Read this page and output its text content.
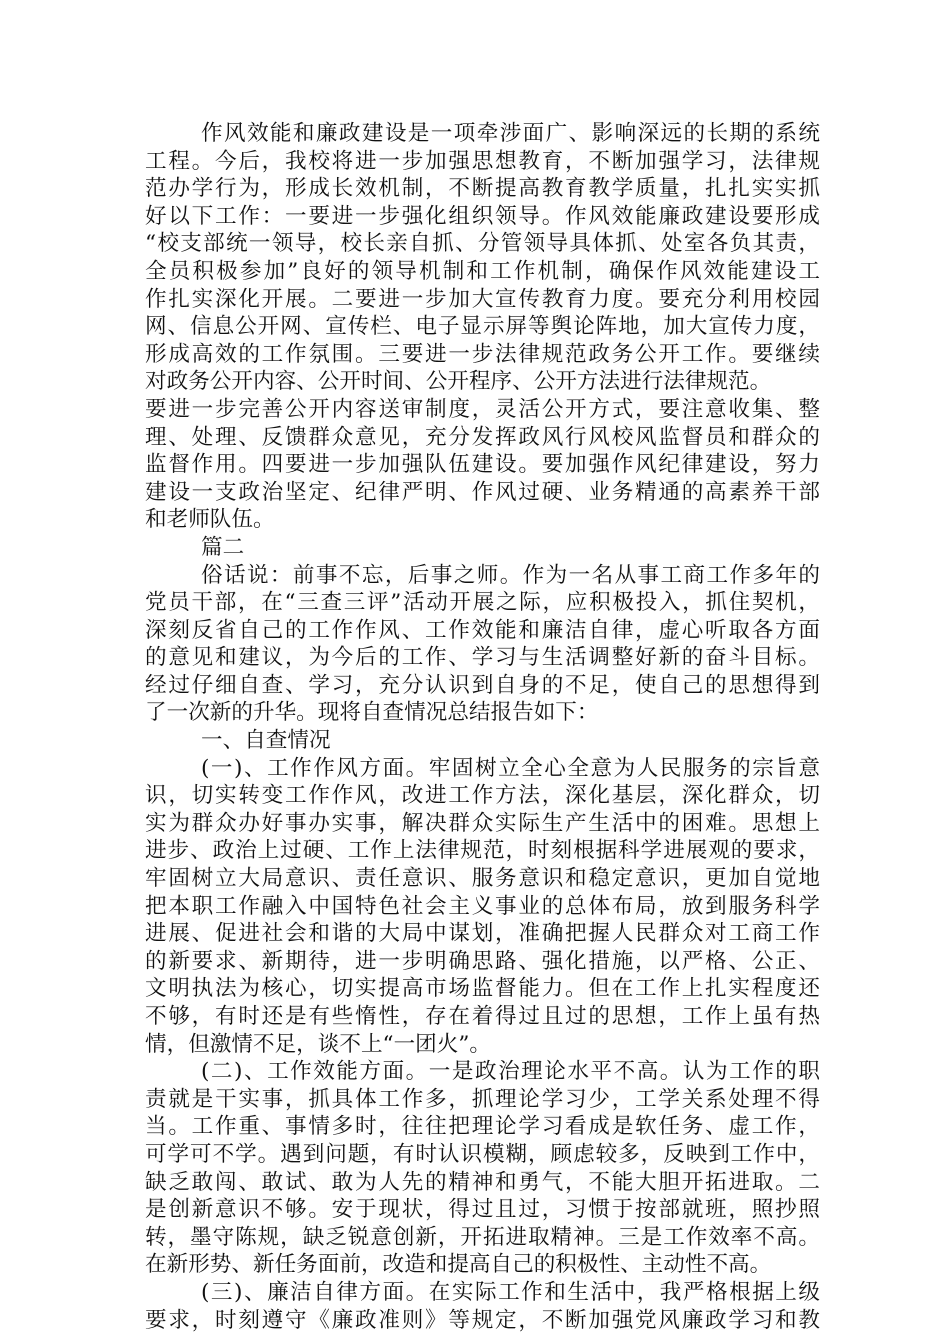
作风效能和廉政建设是一项牵涉面广、影响深远的长期的系统
工程。今后，我校将进一步加强思想教育，不断加强学习，法律规
范办学行为，形成长效机制，不断提高教育教学质量，扎扎实实抓
好以下工作：一要进一步强化组织领导。作风效能廉政建设要形成
“校支部统一领导，校长亲自抓、分管领导具体抓、处室各负其责，
全员积极参加”良好的领导机制和工作机制，确保作风效能建设工
作扎实深化开展。二要进一步加大宣传教育力度。要充分利用校园
网、信息公开网、宣传栏、电子显示屏等舆论阵地，加大宣传力度，
形成高效的工作氛围。三要进一步法律规范政务公开工作。要继续
对政务公开内容、公开时间、公开程序、公开方法进行法律规范。
要进一步完善公开内容送审制度，灵活公开方式，要注意收集、整
理、处理、反馈群众意见，充分发挥政风行风校风监督员和群众的
监督作用。四要进一步加强队伍建设。要加强作风纪律建设，努力
建设一支政治坚定、纪律严明、作风过硬、业务精通的高素养干部
和老师队伍。
篇二
俗话说：前事不忘，后事之师。作为一名从事工商工作多年的
党员干部，在“三查三评”活动开展之际，应积极投入，抓住契机，
深刻反省自己的工作作风、工作效能和廉洁自律，虚心听取各方面
的意见和建议，为今后的工作、学习与生活调整好新的奋斗目标。
经过仔细自查、学习，充分认识到自身的不足，使自己的思想得到
了一次新的升华。现将自查情况总结报告如下：
一、自查情况
(一)、工作作风方面。牢固树立全心全意为人民服务的宗旨意
识，切实转变工作作风，改进工作方法，深化基层，深化群众，切
实为群众办好事办实事，解决群众实际生产生活中的困难。思想上
进步、政治上过硬、工作上法律规范，时刻根据科学进展观的要求，
牢固树立大局意识、责任意识、服务意识和稳定意识，更加自觉地
把本职工作融入中国特色社会主义事业的总体布局，放到服务科学
进展、促进社会和谐的大局中谋划，准确把握人民群众对工商工作
的新要求、新期待，进一步明确思路、强化措施，以严格、公正、
文明执法为核心，切实提高市场监督能力。但在工作上扎实程度还
不够，有时还是有些惰性，存在着得过且过的思想，工作上虽有热
情，但激情不足，谈不上“一团火”。
(二)、工作效能方面。一是政治理论水平不高。认为工作的职
责就是干实事，抓具体工作多，抓理论学习少，工学关系处理不得
当。工作重、事情多时，往往把理论学习看成是软任务、虚工作，
可学可不学。遇到问题，有时认识模糊，顾虑较多，反映到工作中，
缺乏敢闯、敢试、敢为人先的精神和勇气，不能大胆开拓进取。二
是创新意识不够。安于现状，得过且过，习惯于按部就班，照抄照
转，墨守陈规，缺乏锐意创新，开拓进取精神。三是工作效率不高。
在新形势、新任务面前，改造和提高自己的积极性、主动性不高。
(三)、廉洁自律方面。在实际工作和生活中，我严格根据上级
要求，时刻遵守《廉政准则》等规定，不断加强党风廉政学习和教
